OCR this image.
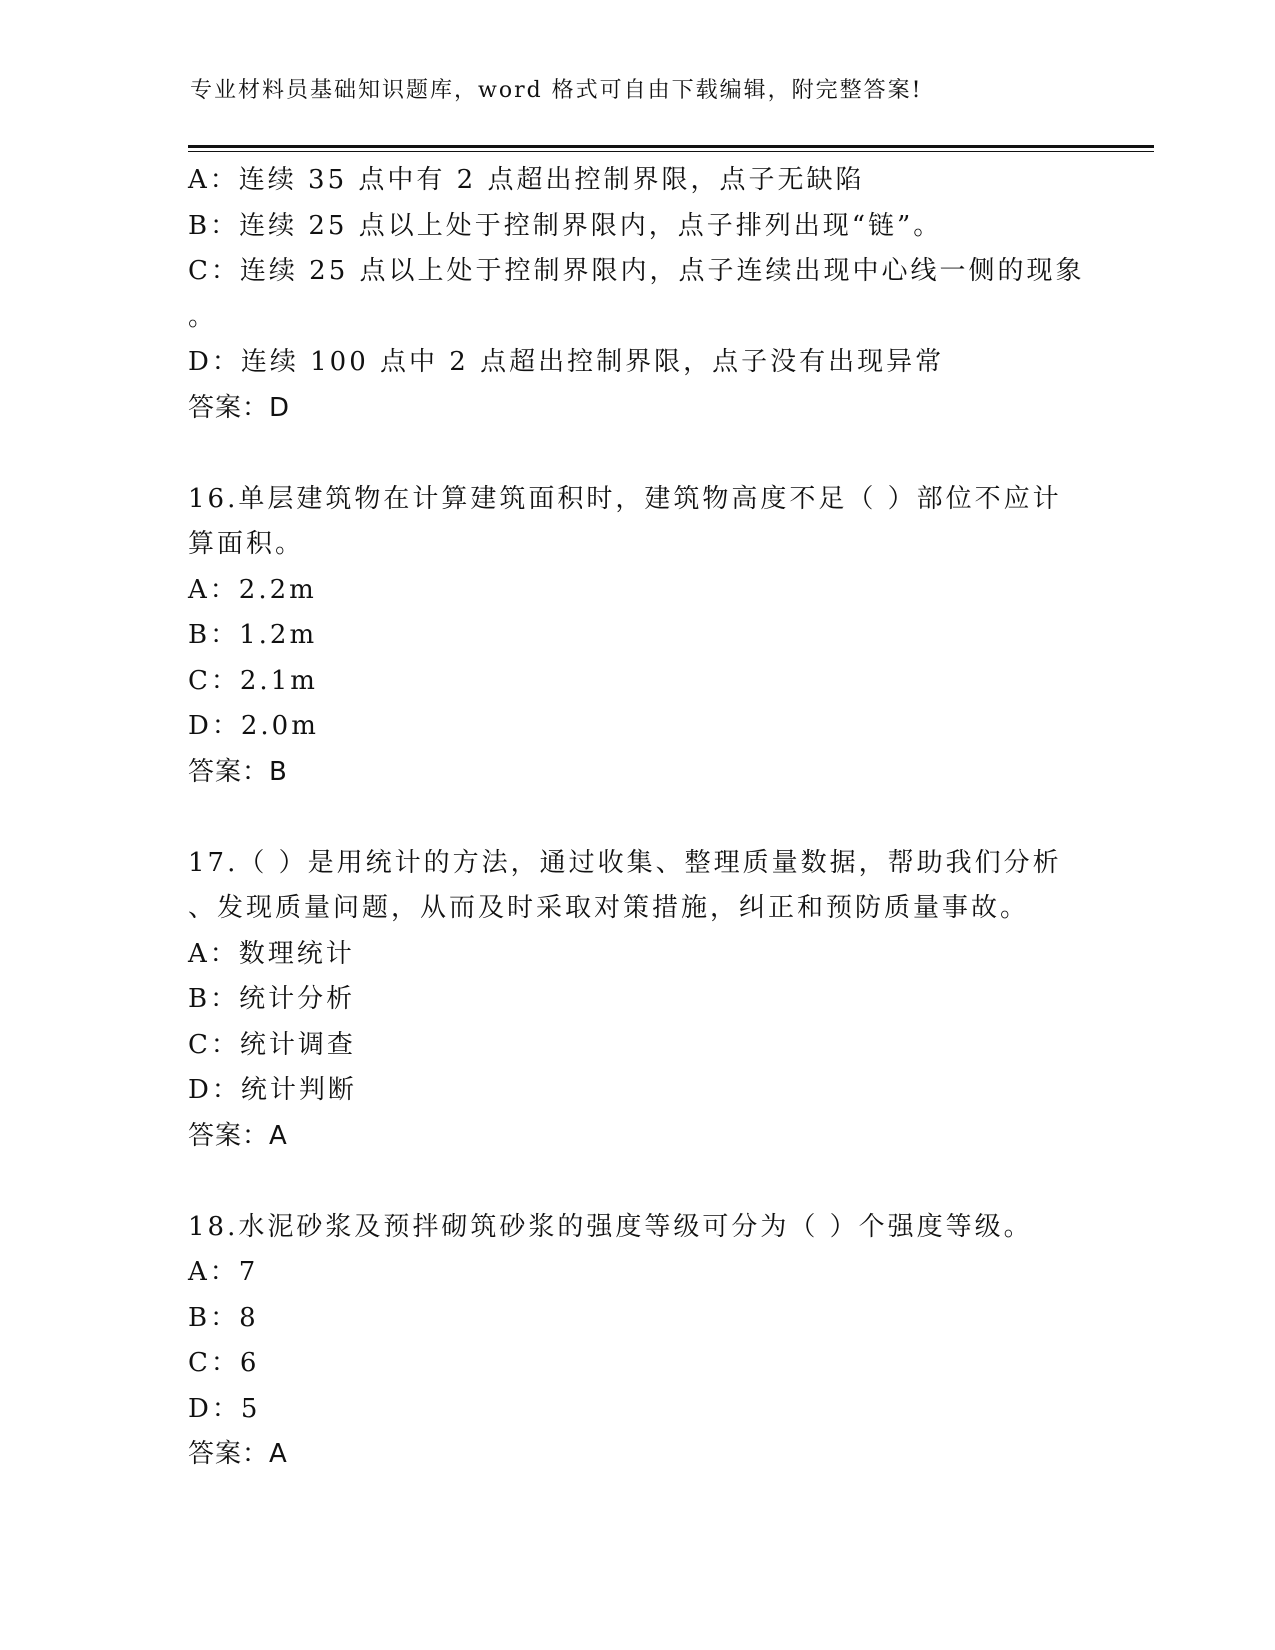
专业材料员基础知识题库，word 格式可自由下载编辑，附完整答案!

A：连续 35 点中有 2 点超出控制界限，点子无缺陷

B：连续 25 点以上处于控制界限内，点子排列出现“链”。

C：连续 25 点以上处于控制界限内，点子连续出现中心线一侧的现象

。

D：连续 100 点中 2 点超出控制界限，点子没有出现异常

答案：D

16.单层建筑物在计算建筑面积时，建筑物高度不足（ ）部位不应计

算面积。

A：2.2m

B：1.2m

C：2.1m

D：2.0m

答案：B

17.（ ）是用统计的方法，通过收集、整理质量数据，帮助我们分析

、发现质量问题，从而及时采取对策措施，纠正和预防质量事故。

A：数理统计

B：统计分析

C：统计调查

D：统计判断

答案：A

18.水泥砂浆及预拌砌筑砂浆的强度等级可分为（ ）个强度等级。

A：7

B：8

C：6

D：5

答案：A
